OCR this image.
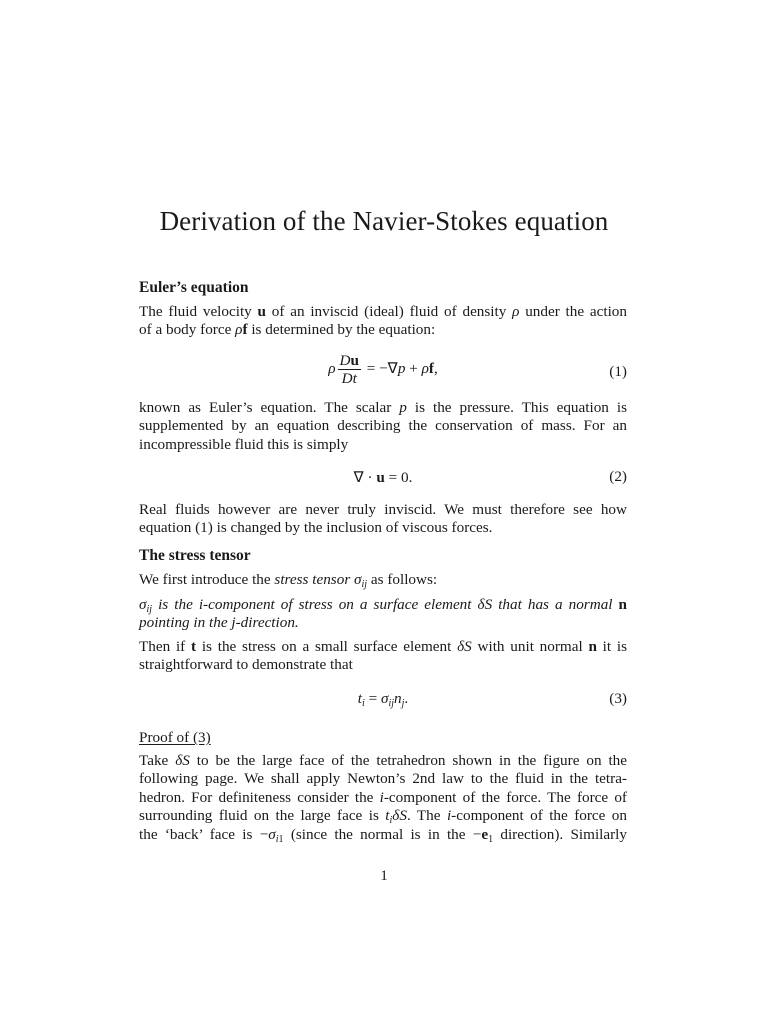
Derivation of the Navier-Stokes equation
Euler’s equation
The fluid velocity u of an inviscid (ideal) fluid of density ρ under the action
of a body force ρf is determined by the equation:
ρ $\frac{Du}{Dt} = -\nabla p + \rho f$,	(1)
known as Euler’s equation. The scalar p is the pressure. This equation is
supplemented by an equation describing the conservation of mass. For an
incompressible fluid this is simply
∇ · u = 0.	(2)
Real fluids however are never truly inviscid. We must therefore see how
equation (1) is changed by the inclusion of viscous forces.
The stress tensor
We first introduce the stress tensor $\sigma_{ij}$ as follows:
$\sigma_{ij}$ is the i-component of stress on a surface element δS that has a normal n
pointing in the j-direction.
Then if t is the stress on a small surface element δS with unit normal n it is
straightforward to demonstrate that
$t_i = \sigma_{ij}n_j$.	(3)
Proof of (3)
Take δS to be the large face of the tetrahedron shown in the figure on the
following page. We shall apply Newton’s 2nd law to the fluid in the tetra-
hedron. For definiteness consider the i-component of the force. The force of
surrounding fluid on the large face is $t_i\delta S$. The i-component of the force on
the ‘back’ face is $-\sigma_{i1}$ (since the normal is in the $-e_1$ direction). Similarly
1
